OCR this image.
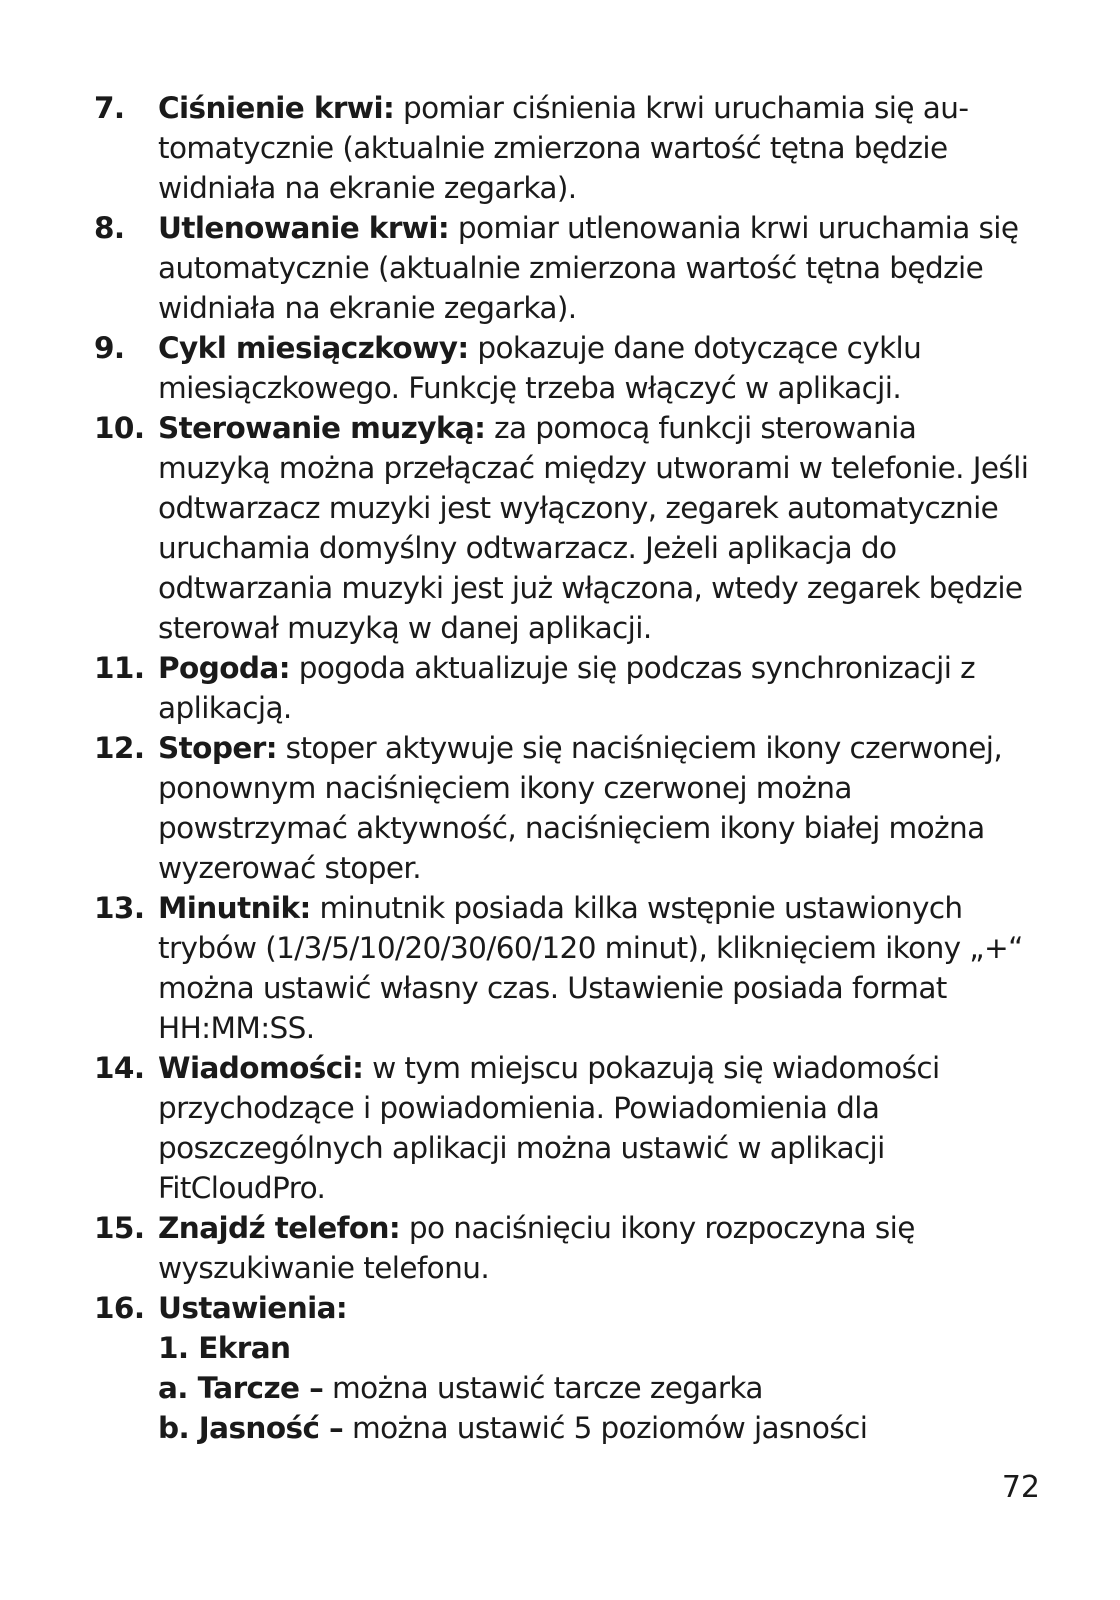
7. Ciśnienie krwi: pomiar ciśnienia krwi uruchamia się automatycznie (aktualnie zmierzona wartość tętna będzie widniała na ekranie zegarka).
8. Utlenowanie krwi: pomiar utlenowania krwi uruchamia się automatycznie (aktualnie zmierzona wartość tętna będzie widniała na ekranie zegarka).
9. Cykl miesiączkowy: pokazuje dane dotyczące cyklu miesiączkowego. Funkcję trzeba włączyć w aplikacji.
10. Sterowanie muzyką: za pomocą funkcji sterowania muzyką można przełączać między utworami w telefonie. Jeśli odtwarzacz muzyki jest wyłączony, zegarek automatycznie uruchamia domyślny odtwarzacz. Jeżeli aplikacja do odtwarzania muzyki jest już włączona, wtedy zegarek będzie sterował muzyką w danej aplikacji.
11. Pogoda: pogoda aktualizuje się podczas synchronizacji z aplikacją.
12. Stoper: stoper aktywuje się naciśnięciem ikony czerwonej, ponownym naciśnięciem ikony czerwonej można powstrzymać aktywność, naciśnięciem ikony białej można wyzerować stoper.
13. Minutnik: minutnik posiada kilka wstępnie ustawionych trybów (1/3/5/10/20/30/60/120 minut), kliknięciem ikony „+“ można ustawić własny czas. Ustawienie posiada format HH:MM:SS.
14. Wiadomości: w tym miejscu pokazują się wiadomości przychodzące i powiadomienia. Powiadomienia dla poszczególnych aplikacji można ustawić w aplikacji FitCloudPro.
15. Znajdź telefon: po naciśnięciu ikony rozpoczyna się wyszukiwanie telefonu.
16. Ustawienia:
1. Ekran
a. Tarcze – można ustawić tarcze zegarka
b. Jasność – można ustawić 5 poziomów jasności
72
